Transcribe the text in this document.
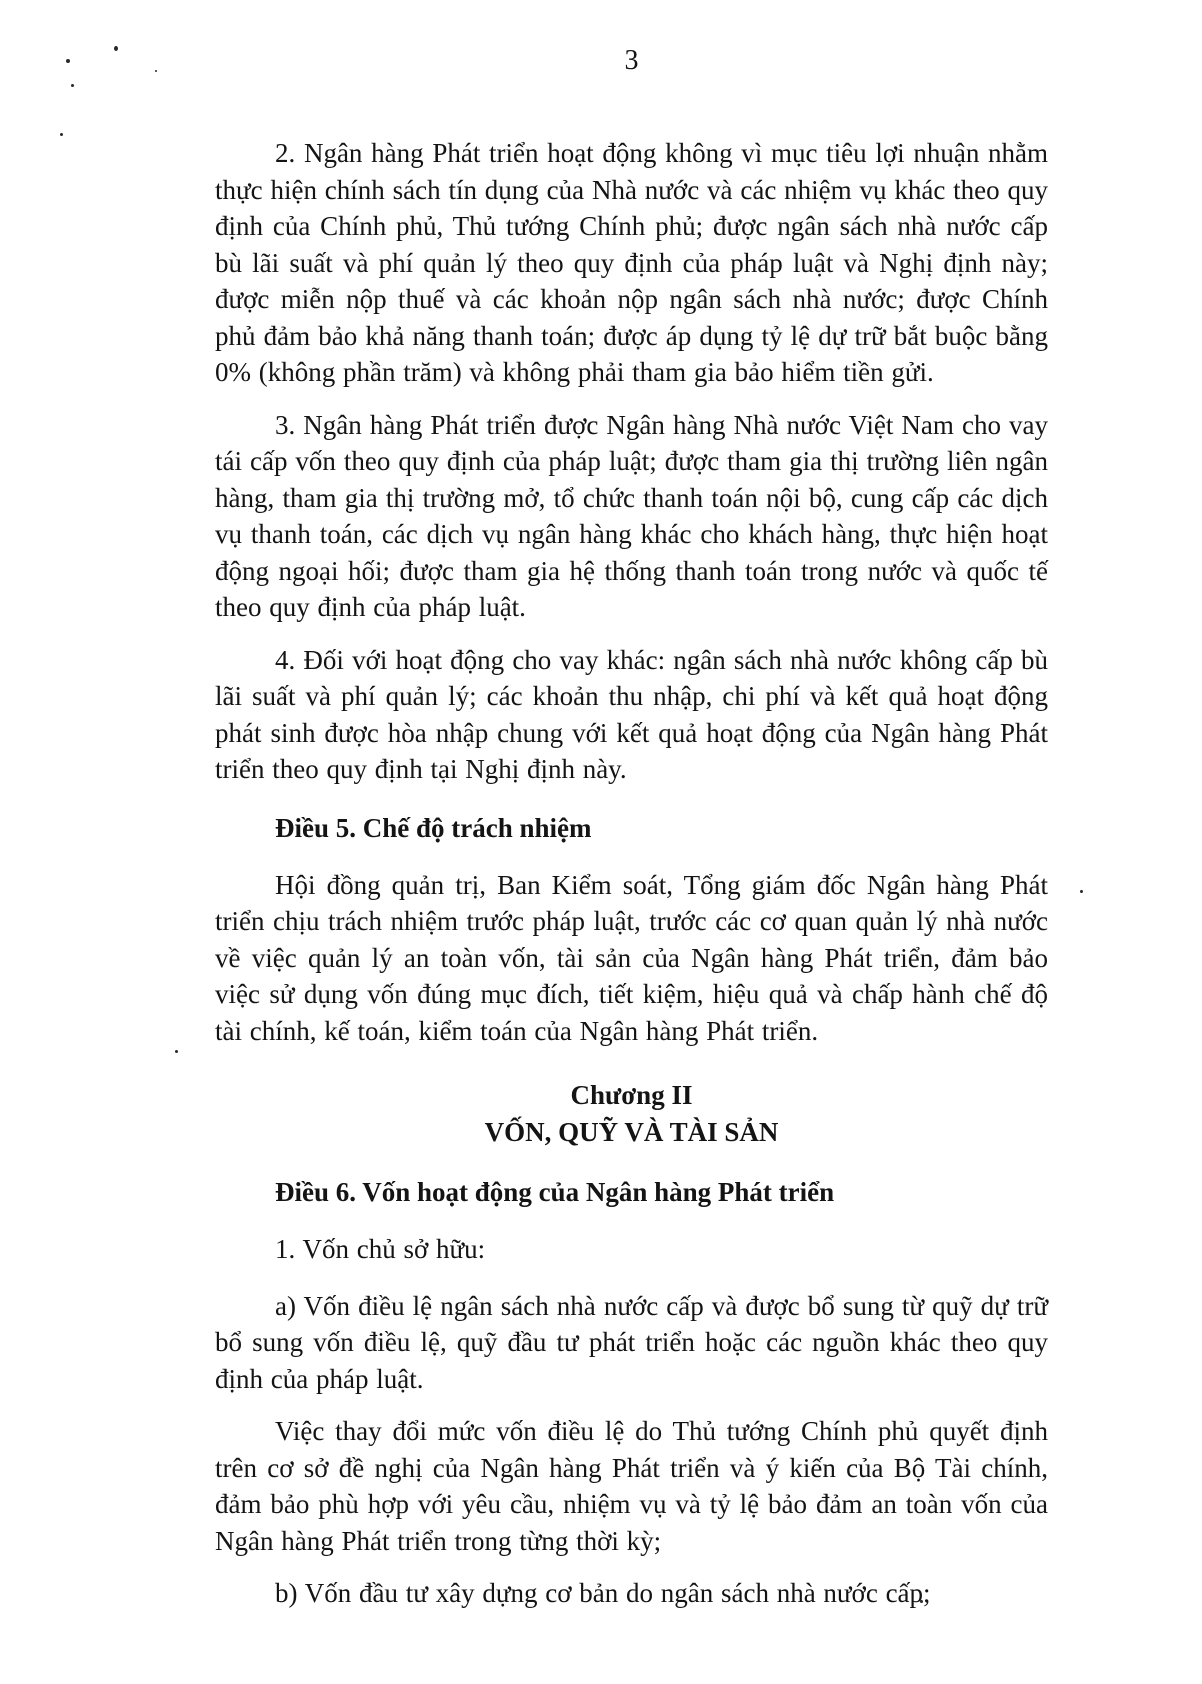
3

2. Ngân hàng Phát triển hoạt động không vì mục tiêu lợi nhuận nhằm thực hiện chính sách tín dụng của Nhà nước và các nhiệm vụ khác theo quy định của Chính phủ, Thủ tướng Chính phủ; được ngân sách nhà nước cấp bù lãi suất và phí quản lý theo quy định của pháp luật và Nghị định này; được miễn nộp thuế và các khoản nộp ngân sách nhà nước; được Chính phủ đảm bảo khả năng thanh toán; được áp dụng tỷ lệ dự trữ bắt buộc bằng 0% (không phần trăm) và không phải tham gia bảo hiểm tiền gửi.

3. Ngân hàng Phát triển được Ngân hàng Nhà nước Việt Nam cho vay tái cấp vốn theo quy định của pháp luật; được tham gia thị trường liên ngân hàng, tham gia thị trường mở, tổ chức thanh toán nội bộ, cung cấp các dịch vụ thanh toán, các dịch vụ ngân hàng khác cho khách hàng, thực hiện hoạt động ngoại hối; được tham gia hệ thống thanh toán trong nước và quốc tế theo quy định của pháp luật.

4. Đối với hoạt động cho vay khác: ngân sách nhà nước không cấp bù lãi suất và phí quản lý; các khoản thu nhập, chi phí và kết quả hoạt động phát sinh được hòa nhập chung với kết quả hoạt động của Ngân hàng Phát triển theo quy định tại Nghị định này.

Điều 5. Chế độ trách nhiệm

Hội đồng quản trị, Ban Kiểm soát, Tổng giám đốc Ngân hàng Phát triển chịu trách nhiệm trước pháp luật, trước các cơ quan quản lý nhà nước về việc quản lý an toàn vốn, tài sản của Ngân hàng Phát triển, đảm bảo việc sử dụng vốn đúng mục đích, tiết kiệm, hiệu quả và chấp hành chế độ tài chính, kế toán, kiểm toán của Ngân hàng Phát triển.

Chương II
VỐN, QUỸ VÀ TÀI SẢN
Điều 6. Vốn hoạt động của Ngân hàng Phát triển

1. Vốn chủ sở hữu:

a) Vốn điều lệ ngân sách nhà nước cấp và được bổ sung từ quỹ dự trữ bổ sung vốn điều lệ, quỹ đầu tư phát triển hoặc các nguồn khác theo quy định của pháp luật.

Việc thay đổi mức vốn điều lệ do Thủ tướng Chính phủ quyết định trên cơ sở đề nghị của Ngân hàng Phát triển và ý kiến của Bộ Tài chính, đảm bảo phù hợp với yêu cầu, nhiệm vụ và tỷ lệ bảo đảm an toàn vốn của Ngân hàng Phát triển trong từng thời kỳ;

b) Vốn đầu tư xây dựng cơ bản do ngân sách nhà nước cấp;
